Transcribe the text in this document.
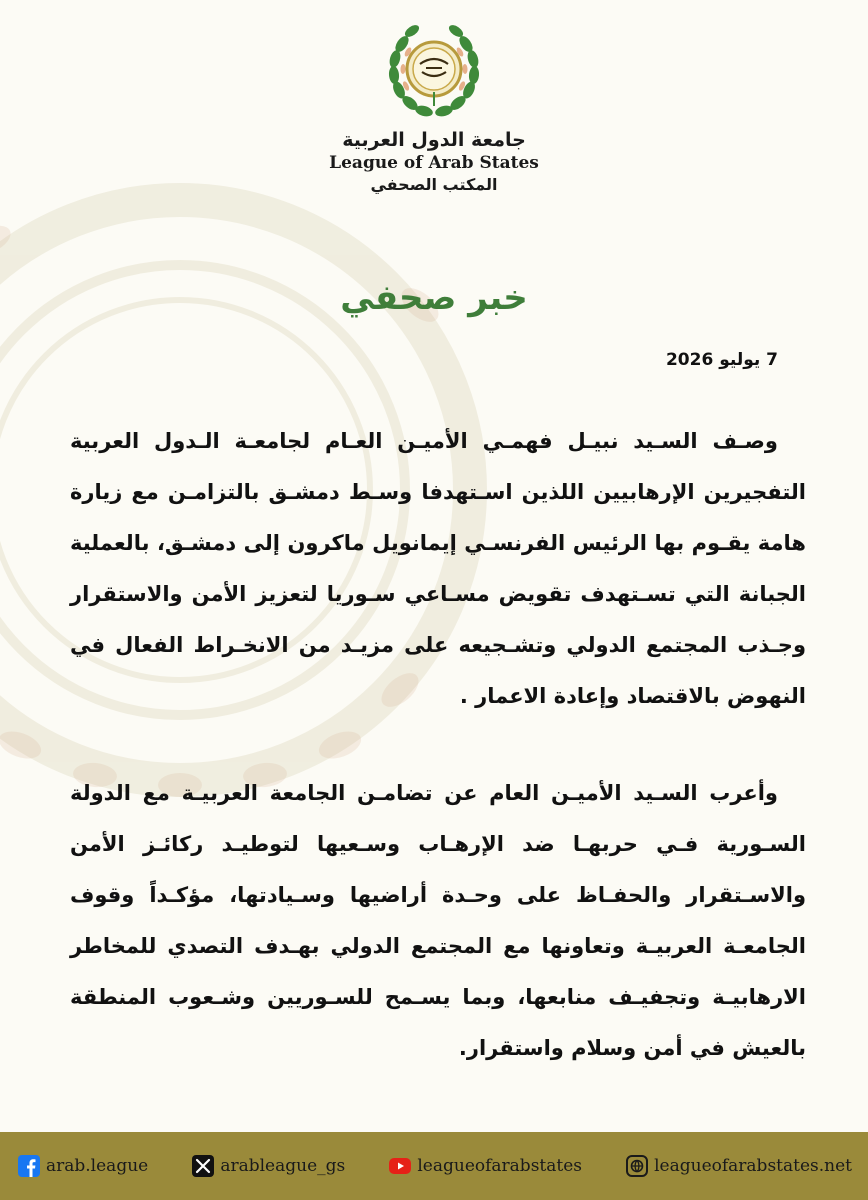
جامعة الدول العربية
League of Arab States
المكتب الصحفي
خبر صحفي
7 يوليو 2026
وصـف السـيد نبيـل فهمـي الأميـن العـام لجامعـة الـدول العربية التفجيرين الإرهابيين اللذين اسـتهدفا وسـط دمشـق بالتزامـن مع زيارة هامة يقـوم بها الرئيس الفرنسـي إيمانويل ماكرون إلى دمشـق، بالعملية الجبانة التي تسـتهدف تقويض مسـاعي سـوريا لتعزيز الأمن والاستقرار وجـذب المجتمع الدولي وتشـجيعه على مزيـد من الانخـراط الفعال في النهوض بالاقتصاد وإعادة الاعمار .
وأعرب السـيد الأميـن العام عن تضامـن الجامعة العربيـة مع الدولة السـورية فـي حربهـا ضد الإرهـاب وسـعيها لتوطيـد ركائـز الأمن والاسـتقرار والحفـاظ على وحـدة أراضيها وسـيادتها، مؤكـداً وقوف الجامعـة العربيـة وتعاونها مع المجتمع الدولي بهـدف التصدي للمخاطر الارهابيـة وتجفيـف منابعها، وبما يسـمح للسـوريين وشـعوب المنطقة بالعيش في أمن وسلام واستقرار.
arab.league	arableague_gs	leagueofarabstates	leagueofarabstates.net
